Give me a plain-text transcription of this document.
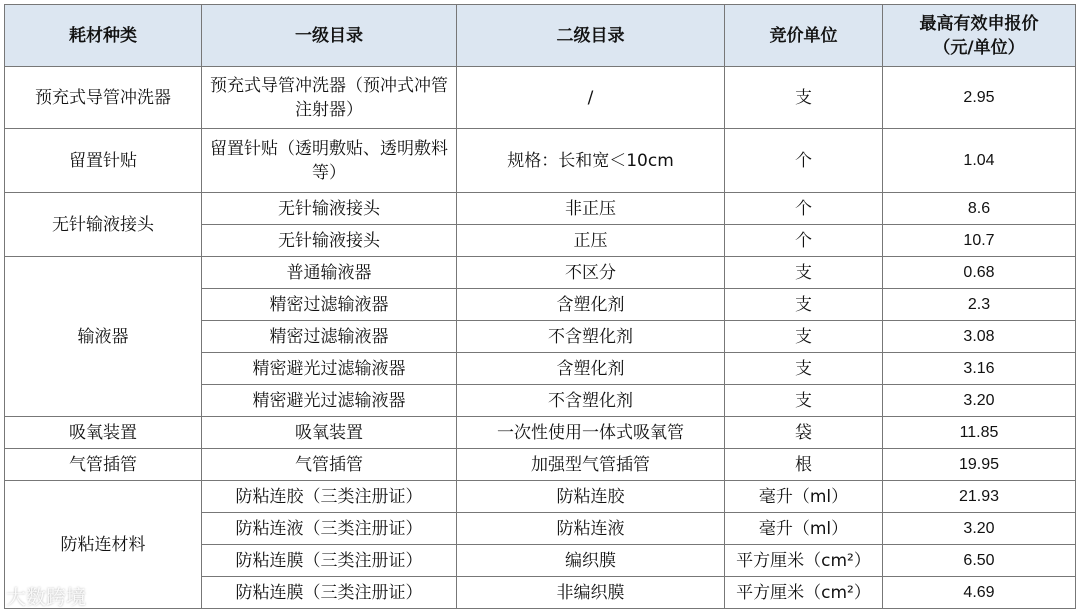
耗材种类	一级目录	二级目录	竞价单位	最高有效申报价
（元/单位）
预充式导管冲洗器	预充式导管冲洗器（预冲式冲管注射器）	/	支	2.95
留置针贴	留置针贴（透明敷贴、透明敷料等）	规格：长和宽＜10cm	个	1.04
无针输液接头	无针输液接头	非正压	个	8.6
	无针输液接头	正压	个	10.7
输液器	普通输液器	不区分	支	0.68
	精密过滤输液器	含塑化剂	支	2.3
	精密过滤输液器	不含塑化剂	支	3.08
	精密避光过滤输液器	含塑化剂	支	3.16
	精密避光过滤输液器	不含塑化剂	支	3.20
吸氧装置	吸氧装置	一次性使用一体式吸氧管	袋	11.85
气管插管	气管插管	加强型气管插管	根	19.95
防粘连材料	防粘连胶（三类注册证）	防粘连胶	毫升（ml）	21.93
	防粘连液（三类注册证）	防粘连液	毫升（ml）	3.20
	防粘连膜（三类注册证）	编织膜	平方厘米（cm²）	6.50
	防粘连膜（三类注册证）	非编织膜	平方厘米（cm²）	4.69
大数跨境
